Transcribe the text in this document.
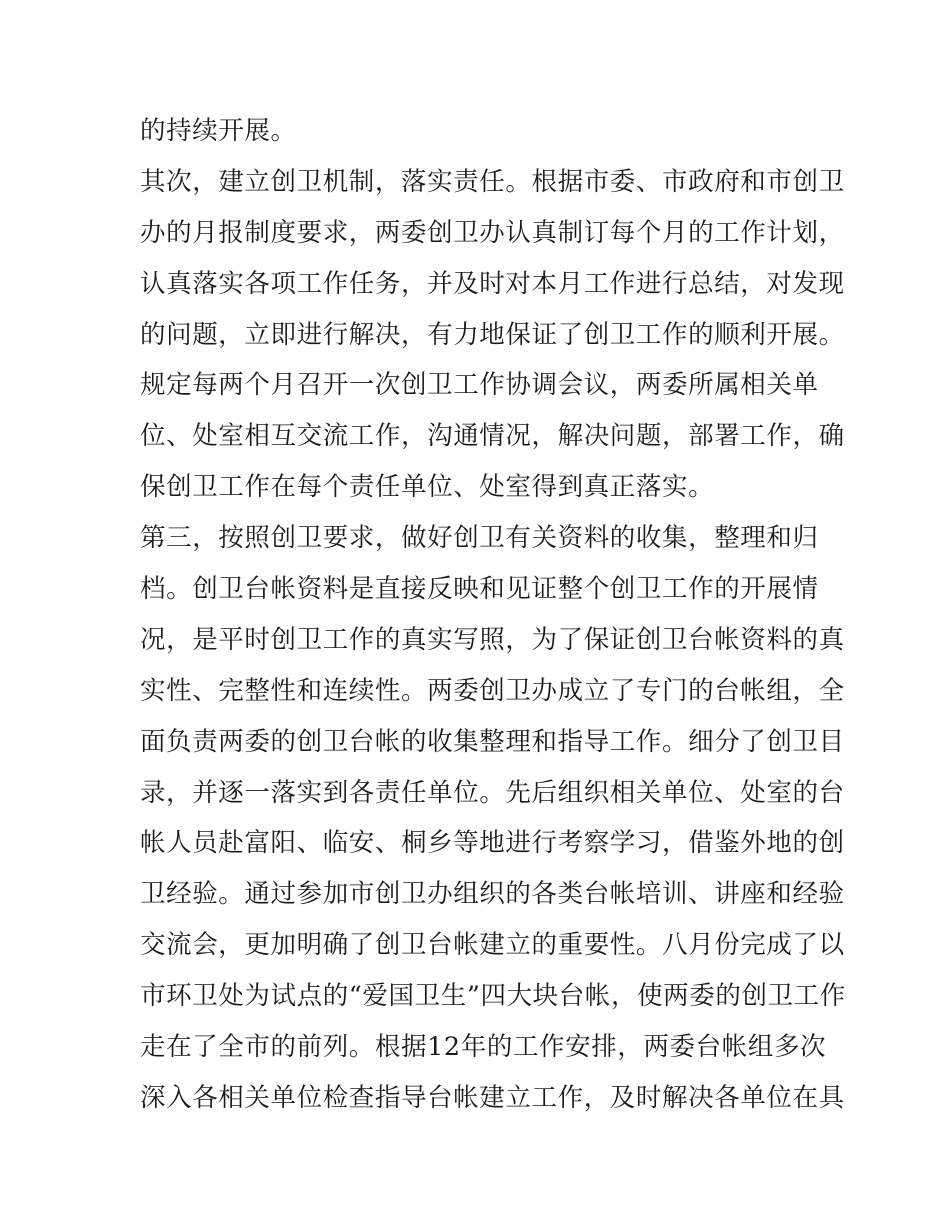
的持续开展。
其次，建立创卫机制，落实责任。根据市委、市政府和市创卫
办的月报制度要求，两委创卫办认真制订每个月的工作计划，
认真落实各项工作任务，并及时对本月工作进行总结，对发现
的问题，立即进行解决，有力地保证了创卫工作的顺利开展。
规定每两个月召开一次创卫工作协调会议，两委所属相关单
位、处室相互交流工作，沟通情况，解决问题，部署工作，确
保创卫工作在每个责任单位、处室得到真正落实。
第三，按照创卫要求，做好创卫有关资料的收集，整理和归
档。创卫台帐资料是直接反映和见证整个创卫工作的开展情
况，是平时创卫工作的真实写照，为了保证创卫台帐资料的真
实性、完整性和连续性。两委创卫办成立了专门的台帐组，全
面负责两委的创卫台帐的收集整理和指导工作。细分了创卫目
录，并逐一落实到各责任单位。先后组织相关单位、处室的台
帐人员赴富阳、临安、桐乡等地进行考察学习，借鉴外地的创
卫经验。通过参加市创卫办组织的各类台帐培训、讲座和经验
交流会，更加明确了创卫台帐建立的重要性。八月份完成了以
市环卫处为试点的“爱国卫生”四大块台帐，使两委的创卫工作
走在了全市的前列。根据12年的工作安排，两委台帐组多次
深入各相关单位检查指导台帐建立工作，及时解决各单位在具
